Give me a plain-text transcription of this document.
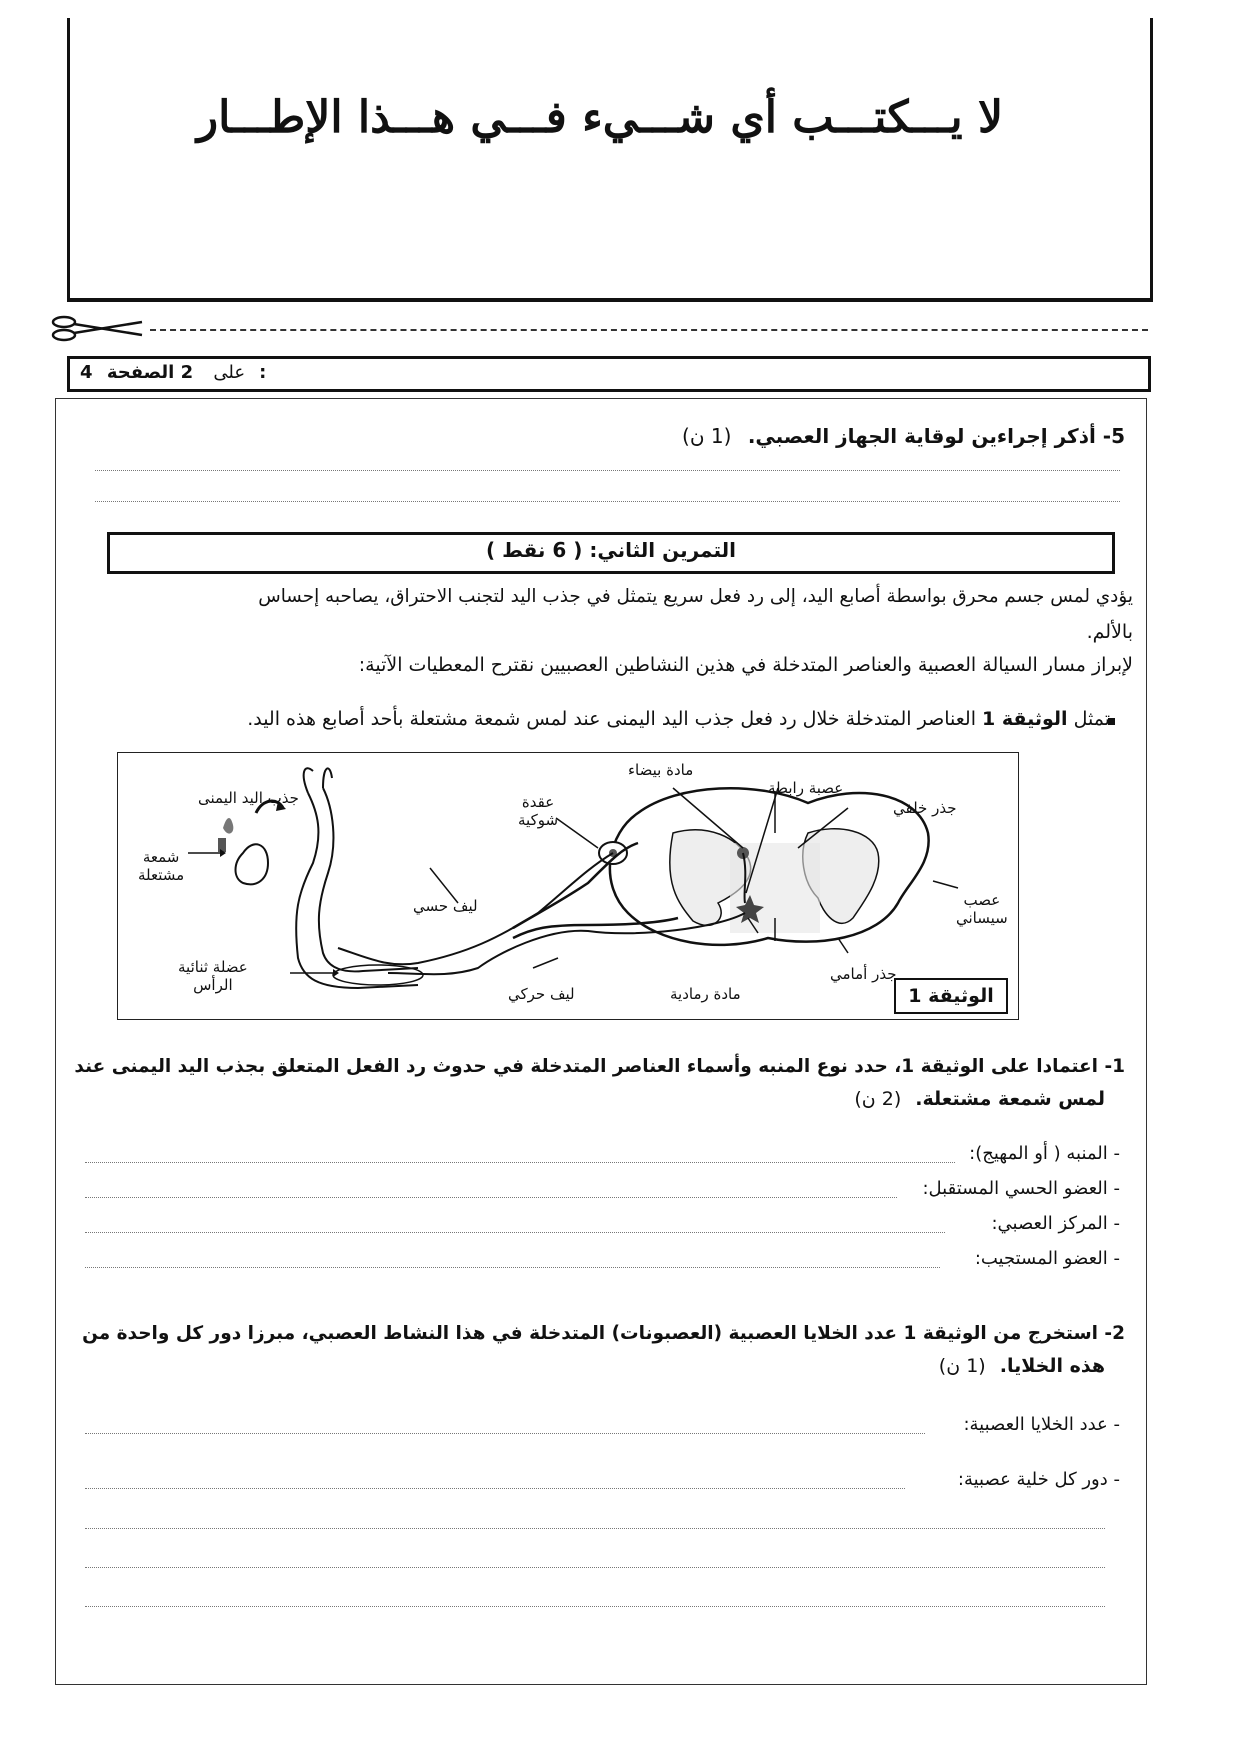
لا يـــكتـــب أي شـــيء فـــي هـــذا الإطـــار
4	على 2 الصفحة:
5- أذكر إجراءين لوقاية الجهاز العصبي. (1 ن)
التمرين الثاني: ( 6 نقط )
يؤدي لمس جسم محرق بواسطة أصابع اليد، إلى رد فعل سريع يتمثل في جذب اليد لتجنب الاحتراق، يصاحبه إحساس
بالألم.
لإبراز مسار السيالة العصبية والعناصر المتدخلة في هذين النشاطين العصبيين نقترح المعطيات الآتية:
تمثل الوثيقة 1 العناصر المتدخلة خلال رد فعل جذب اليد اليمنى عند لمس شمعة مشتعلة بأحد أصابع هذه اليد.
جذب اليد اليمنى
شمعة
مشتعلة
عضلة ثنائية
الرأس
ليف حسي
ليف حركي
عقدة
شوكية
مادة بيضاء
عصبة رابطة
جذر خلفي
عصب
سيساني
جذر أمامي
مادة رمادية	الوثيقة 1
1- اعتمادا على الوثيقة 1، حدد نوع المنبه وأسماء العناصر المتدخلة في حدوث رد الفعل المتعلق بجذب اليد اليمنى عند
لمس شمعة مشتعلة. (2 ن)
- المنبه ( أو المهيج):
- العضو الحسي المستقبل:
- المركز العصبي:
- العضو المستجيب:
2- استخرج من الوثيقة 1 عدد الخلايا العصبية (العصبونات) المتدخلة في هذا النشاط العصبي، مبرزا دور كل واحدة من
هذه الخلايا. (1 ن)
- عدد الخلايا العصبية:
- دور كل خلية عصبية:
